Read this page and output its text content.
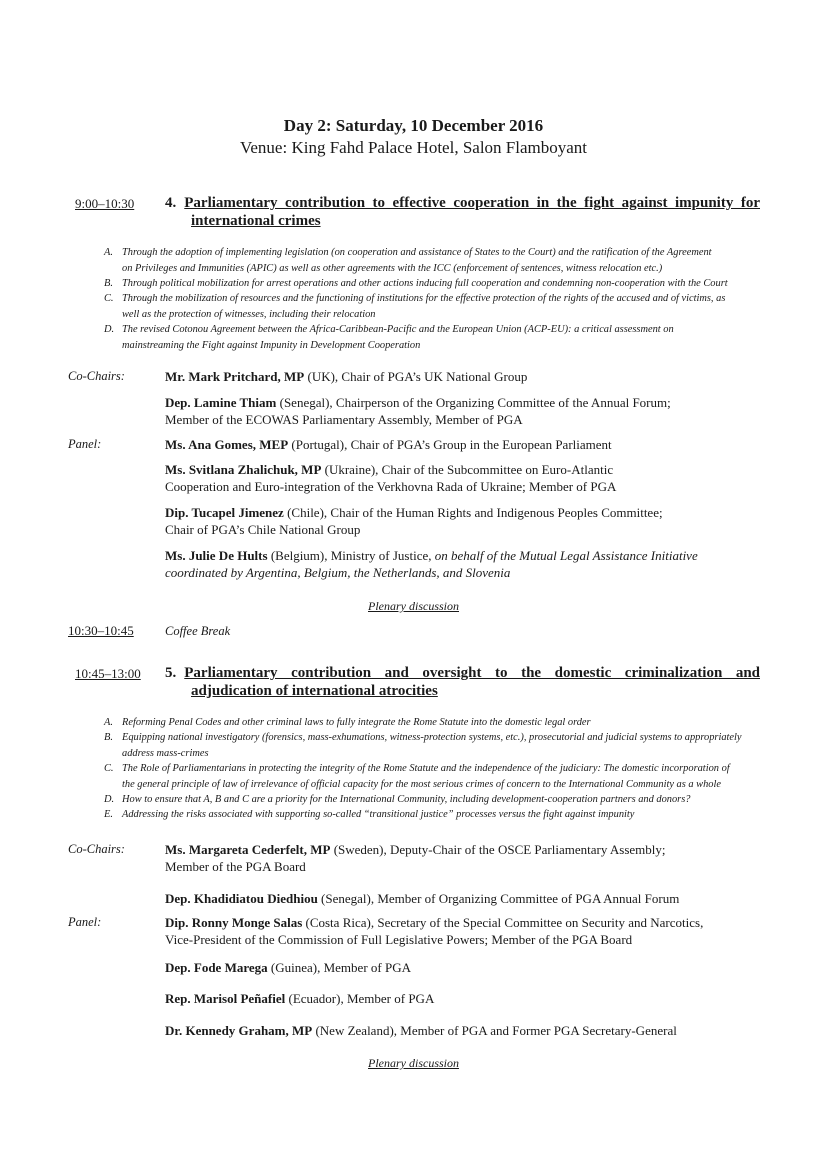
Day 2: Saturday, 10 December 2016
Venue: King Fahd Palace Hotel, Salon Flamboyant
9:00–10:30 4. Parliamentary contribution to effective cooperation in the fight against impunity for
international crimes
A. Through the adoption of implementing legislation (on cooperation and assistance of States to the Court) and the ratification of the Agreement
on Privileges and Immunities (APIC) as well as other agreements with the ICC (enforcement of sentences, witness relocation etc.)
B. Through political mobilization for arrest operations and other actions inducing full cooperation and condemning non-cooperation with the Court
C. Through the mobilization of resources and the functioning of institutions for the effective protection of the rights of the accused and of victims, as
well as the protection of witnesses, including their relocation
D. The revised Cotonou Agreement between the Africa-Caribbean-Pacific and the European Union (ACP-EU): a critical assessment on
mainstreaming the Fight against Impunity in Development Cooperation
Co-Chairs:	Mr. Mark Pritchard, MP (UK), Chair of PGA’s UK National Group
Dep. Lamine Thiam (Senegal), Chairperson of the Organizing Committee of the Annual Forum;
Member of the ECOWAS Parliamentary Assembly, Member of PGA
Panel:	Ms. Ana Gomes, MEP (Portugal), Chair of PGA’s Group in the European Parliament
Ms. Svitlana Zhalichuk, MP (Ukraine), Chair of the Subcommittee on Euro-Atlantic
Cooperation and Euro-integration of the Verkhovna Rada of Ukraine; Member of PGA
Dip. Tucapel Jimenez (Chile), Chair of the Human Rights and Indigenous Peoples Committee;
Chair of PGA’s Chile National Group
Ms. Julie De Hults (Belgium), Ministry of Justice, on behalf of the Mutual Legal Assistance Initiative
coordinated by Argentina, Belgium, the Netherlands, and Slovenia
Plenary discussion
10:30–10:45	Coffee Break
10:45–13:00 5. Parliamentary contribution and oversight to the domestic criminalization and
adjudication of international atrocities
A. Reforming Penal Codes and other criminal laws to fully integrate the Rome Statute into the domestic legal order
B. Equipping national investigatory (forensics, mass-exhumations, witness-protection systems, etc.), prosecutorial and judicial systems to appropriately
address mass-crimes
C. The Role of Parliamentarians in protecting the integrity of the Rome Statute and the independence of the judiciary: The domestic incorporation of
the general principle of law of irrelevance of official capacity for the most serious crimes of concern to the International Community as a whole
D. How to ensure that A, B and C are a priority for the International Community, including development-cooperation partners and donors?
E. Addressing the risks associated with supporting so-called “transitional justice” processes versus the fight against impunity
Co-Chairs:	Ms. Margareta Cederfelt, MP (Sweden), Deputy-Chair of the OSCE Parliamentary Assembly;
Member of the PGA Board
Dep. Khadidiatou Diedhiou (Senegal), Member of Organizing Committee of PGA Annual Forum
Panel:	Dip. Ronny Monge Salas (Costa Rica), Secretary of the Special Committee on Security and Narcotics,
Vice-President of the Commission of Full Legislative Powers; Member of the PGA Board
Dep. Fode Marega (Guinea), Member of PGA
Rep. Marisol Peñafiel (Ecuador), Member of PGA
Dr. Kennedy Graham, MP (New Zealand), Member of PGA and Former PGA Secretary-General
Plenary discussion
